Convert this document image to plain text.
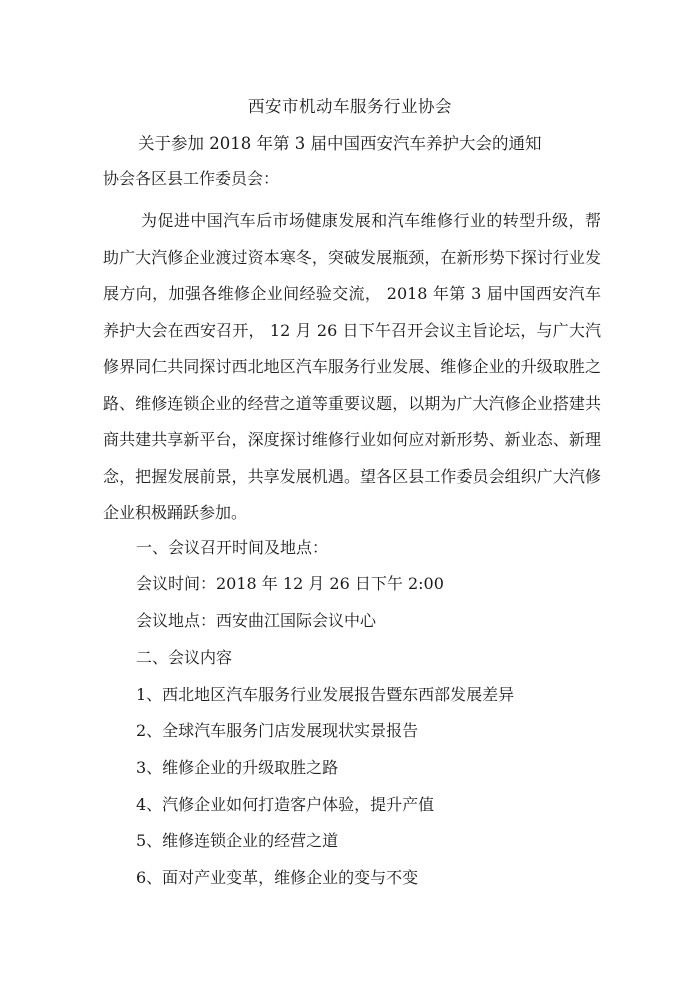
西安市机动车服务行业协会
关于参加 2018 年第 3 届中国西安汽车养护大会的通知
协会各区县工作委员会：
为促进中国汽车后市场健康发展和汽车维修行业的转型升级，帮助广大汽修企业渡过资本寒冬，突破发展瓶颈，在新形势下探讨行业发展方向，加强各维修企业间经验交流， 2018 年第 3 届中国西安汽车养护大会在西安召开， 12 月 26 日下午召开会议主旨论坛，与广大汽修界同仁共同探讨西北地区汽车服务行业发展、维修企业的升级取胜之路、维修连锁企业的经营之道等重要议题，以期为广大汽修企业搭建共商共建共享新平台，深度探讨维修行业如何应对新形势、新业态、新理念，把握发展前景，共享发展机遇。望各区县工作委员会组织广大汽修企业积极踊跃参加。
一、会议召开时间及地点：
会议时间：2018 年 12 月 26 日下午 2:00
会议地点：西安曲江国际会议中心
二、会议内容
1、西北地区汽车服务行业发展报告暨东西部发展差异
2、全球汽车服务门店发展现状实景报告
3、维修企业的升级取胜之路
4、汽修企业如何打造客户体验，提升产值
5、维修连锁企业的经营之道
6、面对产业变革，维修企业的变与不变
